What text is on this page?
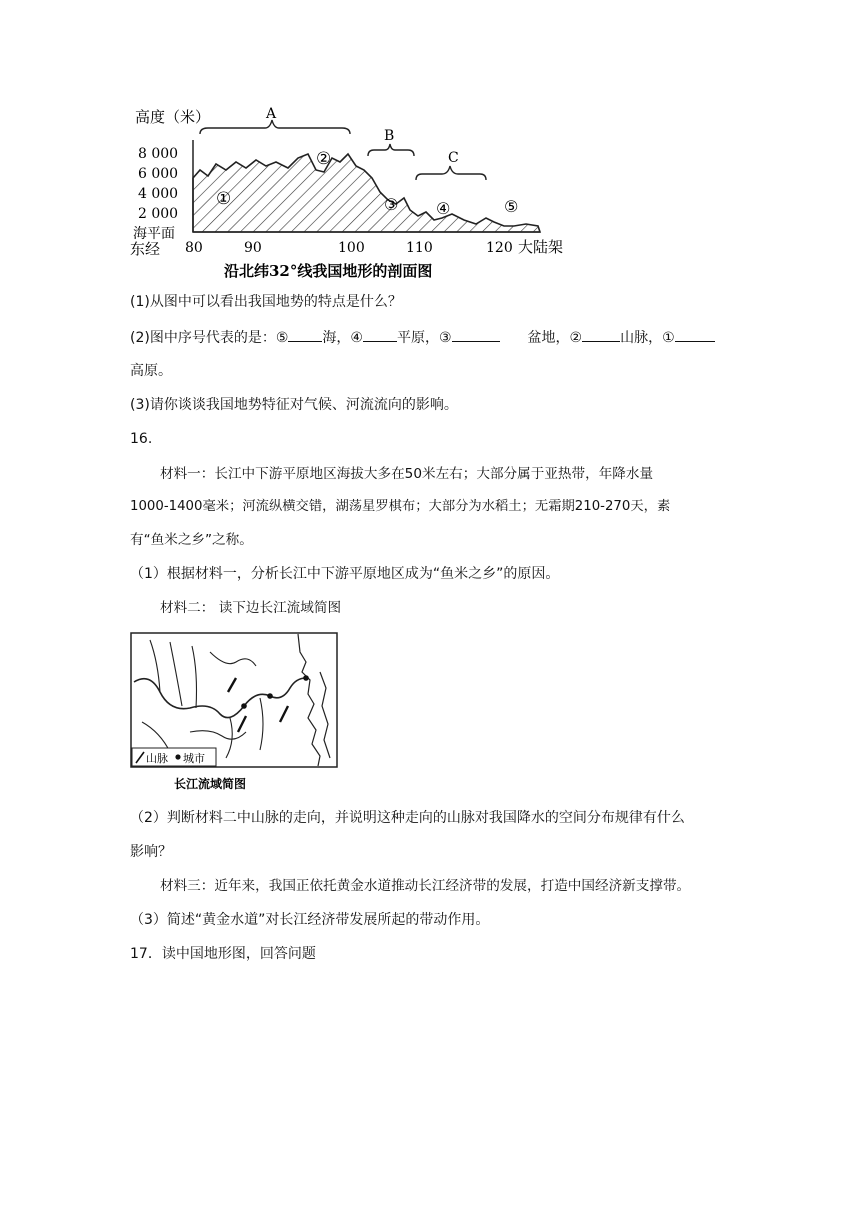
高度（米）
8 000
6 000
4 000
2 000
海平面
A
B
C
①
②
③ ④	⑤
东经 80	90	100	110	120 大陆架
沿北纬32°线我国地形的剖面图
(1)从图中可以看出我国地势的特点是什么？
(2)图中序号代表的是：⑤ 海，④ 平原，③	盆地，②	山脉，①
高原。
(3)请你谈谈我国地势特征对气候、河流流向的影响。
16.
材料一：长江中下游平原地区海拔大多在50米左右；大部分属于亚热带，年降水量
1000-1400毫米；河流纵横交错，湖荡星罗棋布；大部分为水稻土；无霜期210-270天，素
有“鱼米之乡”之称。
（1）根据材料一，分析长江中下游平原地区成为“鱼米之乡”的原因。
材料二： 读下边长江流域简图
山脉 城市
长江流域简图
（2）判断材料二中山脉的走向，并说明这种走向的山脉对我国降水的空间分布规律有什么
影响？
材料三：近年来，我国正依托黄金水道推动长江经济带的发展，打造中国经济新支撑带。
（3）简述“黄金水道”对长江经济带发展所起的带动作用。
17．读中国地形图，回答问题
